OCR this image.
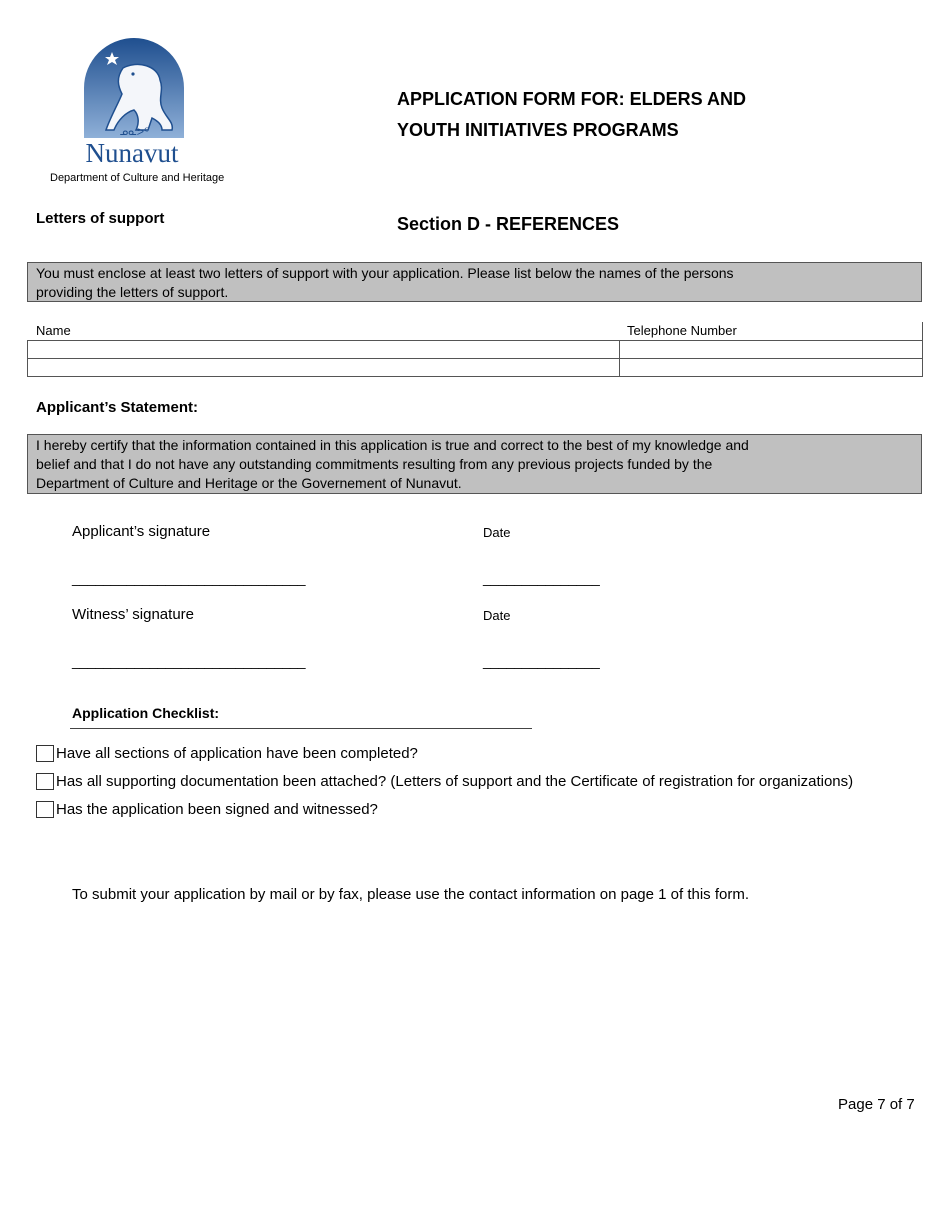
ᓄᓇᕗᑦ
Nunavut
Department of Culture and Heritage
APPLICATION FORM FOR: ELDERS AND
YOUTH INITIATIVES PROGRAMS
Letters of support	Section D - REFERENCES
You must enclose at least two letters of support with your application. Please list below the names of the persons
providing the letters of support.
Name	Telephone Number

Applicant’s Statement:
I hereby certify that the information contained in this application is true and correct to the best of my knowledge and
belief and that I do not have any outstanding commitments resulting from any previous projects funded by the
Department of Culture and Heritage or the Governement of Nunavut.
Applicant’s signature	Date
______________________________	_______________
Witness’ signature	Date
______________________________	_______________
Application Checklist:
Have all sections of application have been completed?
Has all supporting documentation been attached? (Letters of support and the Certificate of registration for organizations)
Has the application been signed and witnessed?
To submit your application by mail or by fax, please use the contact information on page 1 of this form.
Page 7 of 7
